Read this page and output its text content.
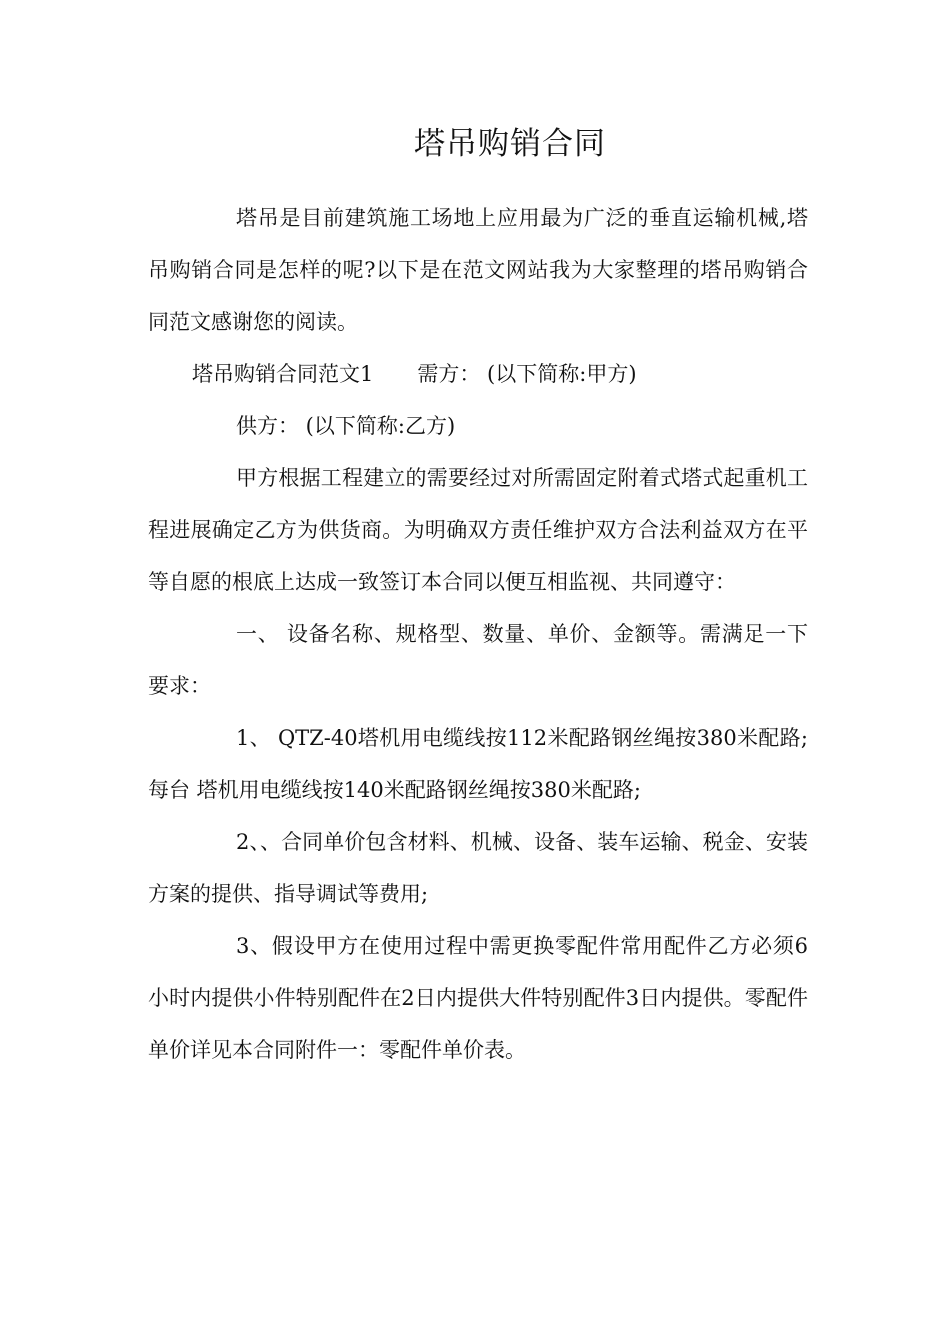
塔吊购销合同

塔吊是目前建筑施工场地上应用最为广泛的垂直运输机械,塔吊购销合同是怎样的呢?以下是在范文网站我为大家整理的塔吊购销合同范文感谢您的阅读。

塔吊购销合同范文1 需方： (以下简称:甲方)

供方： (以下简称:乙方)

甲方根据工程建立的需要经过对所需固定附着式塔式起重机工程进展确定乙方为供货商。为明确双方责任维护双方合法利益双方在平等自愿的根底上达成一致签订本合同以便互相监视、共同遵守：

一、 设备名称、规格型、数量、单价、金额等。需满足一下要求：

1、 QTZ-40塔机用电缆线按112米配路钢丝绳按380米配路;每台 塔机用电缆线按140米配路钢丝绳按380米配路;

2、、合同单价包含材料、机械、设备、装车运输、税金、安装方案的提供、指导调试等费用;

3、假设甲方在使用过程中需更换零配件常用配件乙方必须6小时内提供小件特别配件在2日内提供大件特别配件3日内提供。零配件单价详见本合同附件一：零配件单价表。
